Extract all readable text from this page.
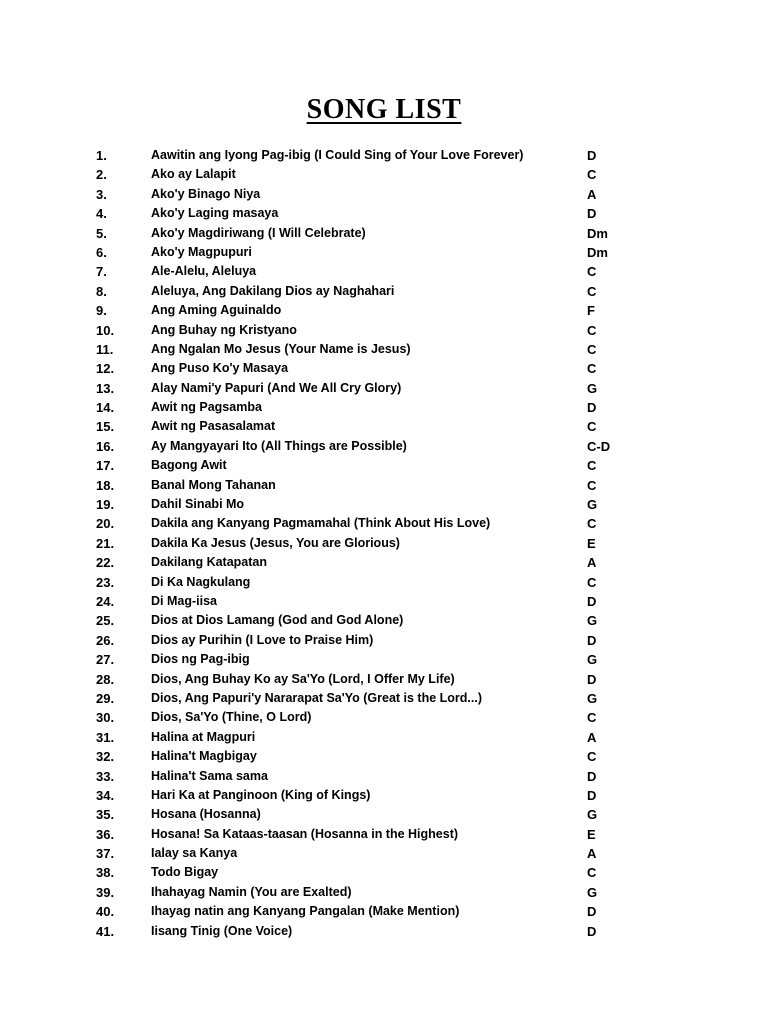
SONG LIST
1.	Aawitin ang Iyong Pag-ibig (I Could Sing of Your Love Forever)	D
2.	Ako ay Lalapit	C
3.	Ako'y Binago Niya	A
4.	Ako'y Laging masaya	D
5.	Ako'y Magdiriwang (I Will Celebrate)	Dm
6.	Ako'y Magpupuri	Dm
7.	Ale-Alelu, Aleluya	C
8.	Aleluya, Ang Dakilang Dios ay Naghahari	C
9.	Ang Aming Aguinaldo	F
10.	Ang Buhay ng Kristyano	C
11.	Ang Ngalan Mo Jesus (Your Name is Jesus)	C
12.	Ang Puso Ko'y Masaya	C
13.	Alay Nami'y Papuri (And We All Cry Glory)	G
14.	Awit ng Pagsamba	D
15.	Awit ng Pasasalamat	C
16.	Ay Mangyayari Ito (All Things are Possible)	C-D
17.	Bagong Awit	C
18.	Banal Mong Tahanan	C
19.	Dahil Sinabi Mo	G
20.	Dakila ang Kanyang Pagmamahal (Think About His Love)	C
21.	Dakila Ka Jesus (Jesus, You are Glorious)	E
22.	Dakilang Katapatan	A
23.	Di Ka Nagkulang	C
24.	Di Mag-iisa	D
25.	Dios at Dios Lamang (God and God Alone)	G
26.	Dios ay Purihin (I Love to Praise Him)	D
27.	Dios ng Pag-ibig	G
28.	Dios, Ang Buhay Ko ay Sa'Yo (Lord, I Offer My Life)	D
29.	Dios, Ang Papuri'y Nararapat Sa'Yo (Great is the Lord...)	G
30.	Dios, Sa'Yo (Thine, O Lord)	C
31.	Halina at Magpuri	A
32.	Halina't Magbigay	C
33.	Halina't Sama sama	D
34.	Hari Ka at Panginoon (King of Kings)	D
35.	Hosana (Hosanna)	G
36.	Hosana! Sa Kataas-taasan (Hosanna in the Highest)	E
37.	Ialay sa Kanya	A
38.	Todo Bigay	C
39.	Ihahayag Namin (You are Exalted)	G
40.	Ihayag natin ang Kanyang Pangalan (Make Mention)	D
41.	Iisang Tinig (One Voice)	D
